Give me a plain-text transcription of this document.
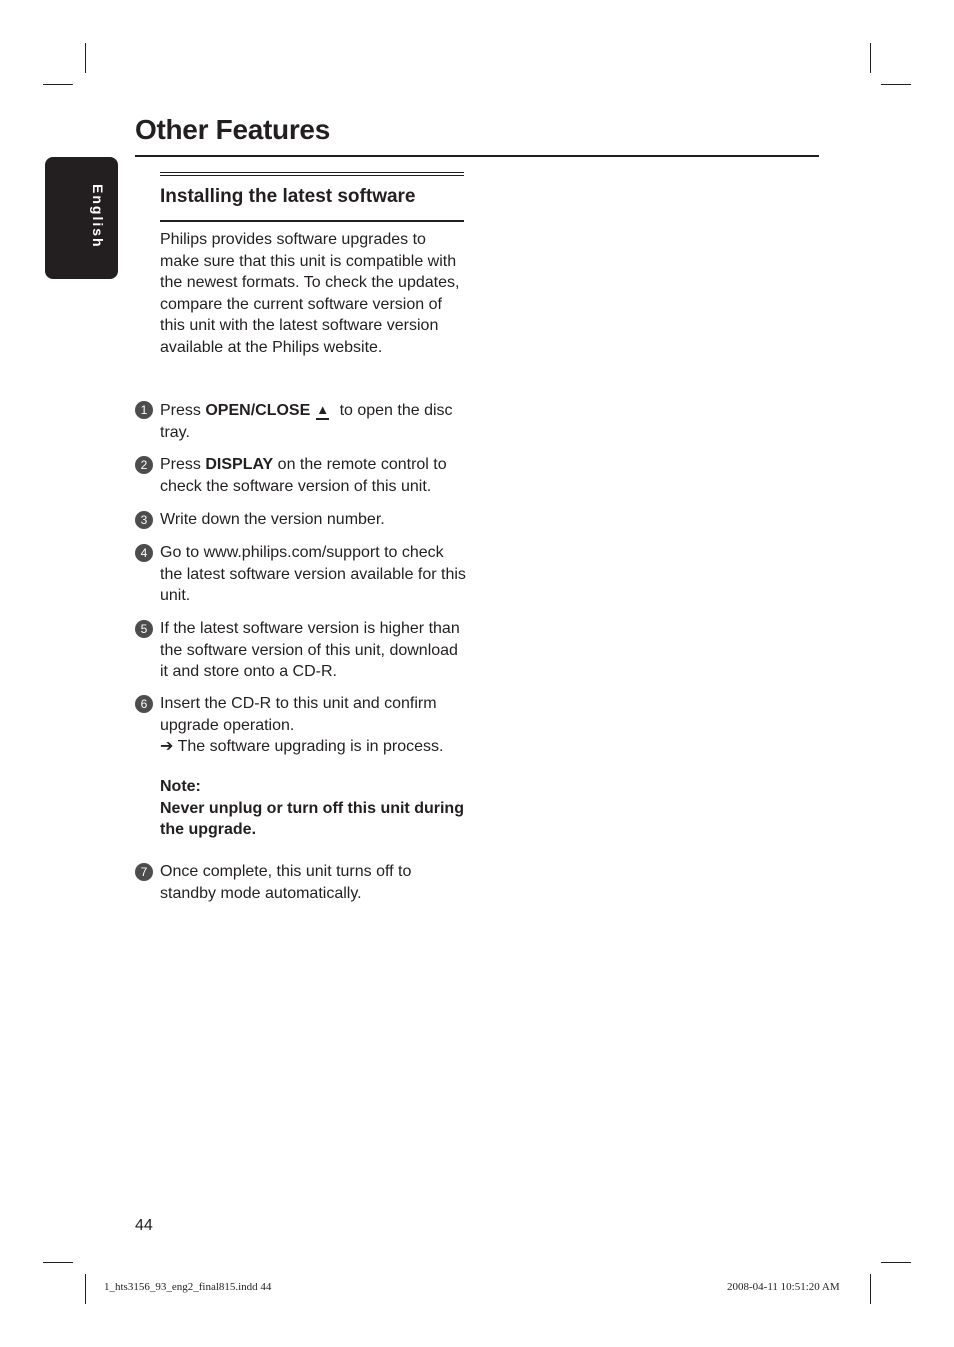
English
Other Features
Installing the latest software
Philips provides software upgrades to make sure that this unit is compatible with the newest formats. To check the updates, compare the current software version of this unit with the latest software version available at the Philips website.
1 Press OPEN/CLOSE ▲
to open the disc tray.
2 Press DISPLAY on the remote control to check the software version of this unit.
3 Write down the version number.
4 Go to www.philips.com/support to check the latest software version available for this unit.
5 If the latest software version is higher than the software version of this unit, download it and store onto a CD-R.
6 Insert the CD-R to this unit and confirm upgrade operation.
➔ The software upgrading is in process.
Note:
Never unplug or turn off this unit during the upgrade.
7 Once complete, this unit turns off to standby mode automatically.
44
1_hts3156_93_eng2_final815.indd 44	2008-04-11 10:51:20 AM
